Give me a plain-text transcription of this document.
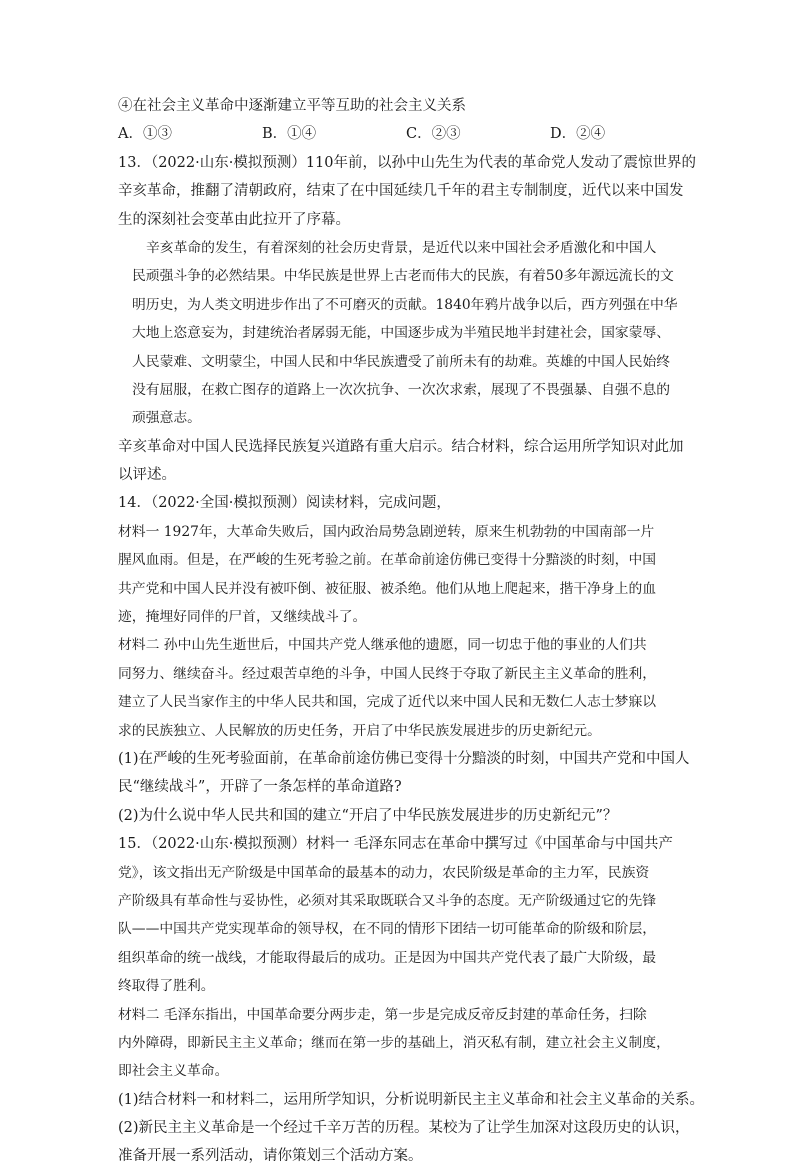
④在社会主义革命中逐渐建立平等互助的社会主义关系
A．①③	B．①④	C．②③	D．②④
13．（2022·山东·模拟预测）110年前，以孙中山先生为代表的革命党人发动了震惊世界的
辛亥革命，推翻了清朝政府，结束了在中国延续几千年的君主专制制度，近代以来中国发
生的深刻社会变革由此拉开了序幕。
辛亥革命的发生，有着深刻的社会历史背景，是近代以来中国社会矛盾激化和中国人
民顽强斗争的必然结果。中华民族是世界上古老而伟大的民族，有着50多年源远流长的文
明历史，为人类文明进步作出了不可磨灭的贡献。1840年鸦片战争以后，西方列强在中华
大地上恣意妄为，封建统治者孱弱无能，中国逐步成为半殖民地半封建社会，国家蒙辱、
人民蒙难、文明蒙尘，中国人民和中华民族遭受了前所未有的劫难。英雄的中国人民始终
没有屈服，在救亡图存的道路上一次次抗争、一次次求索，展现了不畏强暴、自强不息的
顽强意志。
辛亥革命对中国人民选择民族复兴道路有重大启示。结合材料，综合运用所学知识对此加
以评述。
14．（2022·全国·模拟预测）阅读材料，完成问题，
材料一 1927年，大革命失败后，国内政治局势急剧逆转，原来生机勃勃的中国南部一片
腥风血雨。但是，在严峻的生死考验之前。在革命前途仿佛已变得十分黯淡的时刻，中国
共产党和中国人民并没有被吓倒、被征服、被杀绝。他们从地上爬起来，揩干净身上的血
迹，掩埋好同伴的尸首，又继续战斗了。
材料二 孙中山先生逝世后，中国共产党人继承他的遗愿，同一切忠于他的事业的人们共
同努力、继续奋斗。经过艰苦卓绝的斗争，中国人民终于夺取了新民主主义革命的胜利，
建立了人民当家作主的中华人民共和国，完成了近代以来中国人民和无数仁人志士梦寐以
求的民族独立、人民解放的历史任务，开启了中华民族发展进步的历史新纪元。
(1)在严峻的生死考验面前，在革命前途仿佛已变得十分黯淡的时刻，中国共产党和中国人
民“继续战斗”，开辟了一条怎样的革命道路?
(2)为什么说中华人民共和国的建立“开启了中华民族发展进步的历史新纪元”？
15．（2022·山东·模拟预测）材料一 毛泽东同志在革命中撰写过《中国革命与中国共产
党》，该文指出无产阶级是中国革命的最基本的动力，农民阶级是革命的主力军，民族资
产阶级具有革命性与妥协性，必须对其采取既联合又斗争的态度。无产阶级通过它的先锋
队——中国共产党实现革命的领导权，在不同的情形下团结一切可能革命的阶级和阶层，
组织革命的统一战线，才能取得最后的成功。正是因为中国共产党代表了最广大阶级，最
终取得了胜利。
材料二 毛泽东指出，中国革命要分两步走，第一步是完成反帝反封建的革命任务，扫除
内外障碍，即新民主主义革命；继而在第一步的基础上，消灭私有制，建立社会主义制度，
即社会主义革命。
(1)结合材料一和材料二，运用所学知识，分析说明新民主主义革命和社会主义革命的关系。
(2)新民主主义革命是一个经过千辛万苦的历程。某校为了让学生加深对这段历史的认识，
准备开展一系列活动，请你策划三个活动方案。
